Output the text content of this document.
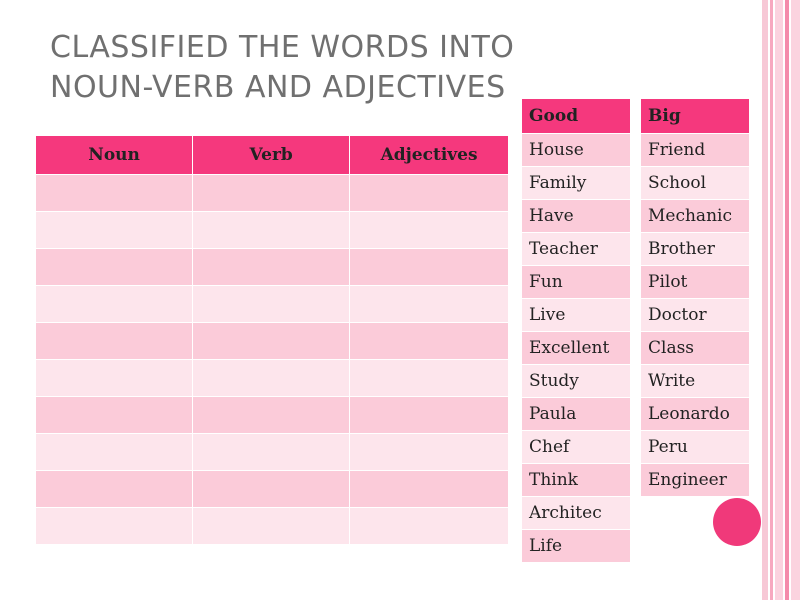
CLASSIFIED THE WORDS INTO
NOUN-VERB AND ADJECTIVES
Noun	Verb	Adjectives

Good
House
Family
Have
Teacher
Fun
Live
Excellent
Study
Paula
Chef
Think
Architec
Life
Big
Friend
School
Mechanic
Brother
Pilot
Doctor
Class
Write
Leonardo
Peru
Engineer
